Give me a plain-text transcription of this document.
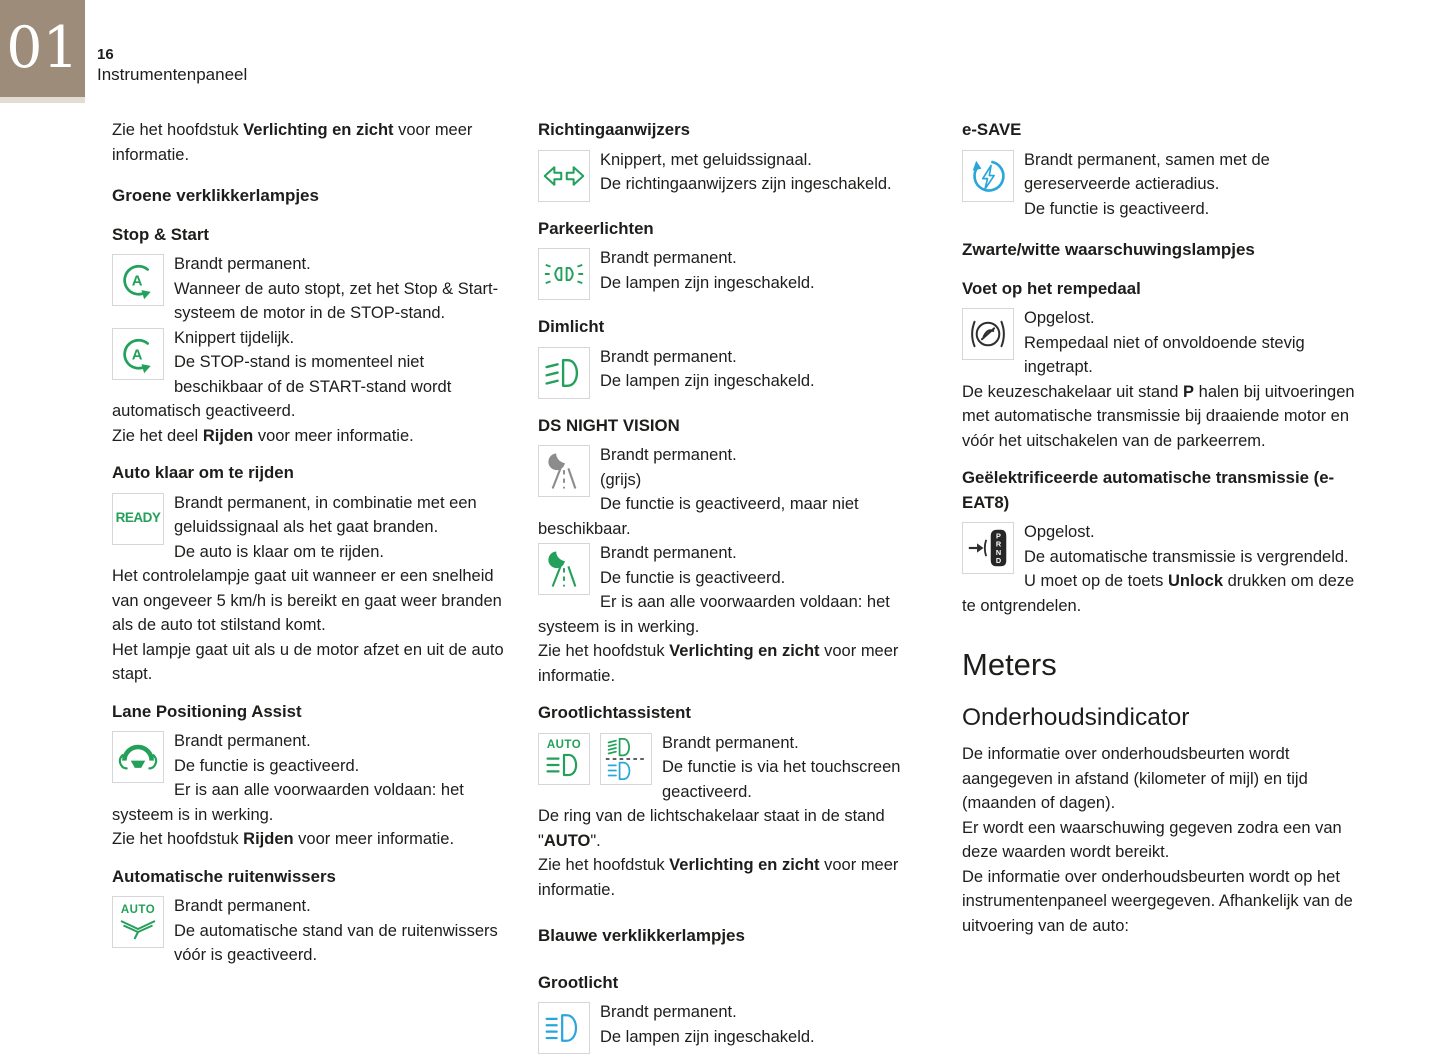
01 16
Instrumentenpaneel

Zie het hoofdstuk Verlichting en zicht voor meer informatie.

Groene verklikkerlampjes
Stop & Start
A
Brandt permanent.
Wanneer de auto stopt, zet het Stop & Start-systeem de motor in de STOP-stand.
A
Knippert tijdelijk.
De STOP-stand is momenteel niet beschikbaar of de START-stand wordt automatisch geactiveerd.
Zie het deel Rijden voor meer informatie.
Auto klaar om te rijden
READY
Brandt permanent, in combinatie met een geluidssignaal als het gaat branden.
De auto is klaar om te rijden.
Het controlelampje gaat uit wanneer er een snelheid van ongeveer 5 km/h is bereikt en gaat weer branden als de auto tot stilstand komt.
Het lampje gaat uit als u de motor afzet en uit de auto stapt.
Lane Positioning Assist
Brandt permanent.
De functie is geactiveerd.
Er is aan alle voorwaarden voldaan: het systeem is in werking.
Zie het hoofdstuk Rijden voor meer informatie.
Automatische ruitenwissers
AUTO	Brandt permanent.
De automatische stand van de ruitenwissers vóór is geactiveerd.
Richtingaanwijzers
Knippert, met geluidssignaal.
De richtingaanwijzers zijn ingeschakeld.
Parkeerlichten
Brandt permanent.
De lampen zijn ingeschakeld.
Dimlicht
Brandt permanent.
De lampen zijn ingeschakeld.
DS NIGHT VISION
Brandt permanent.
(grijs)
De functie is geactiveerd, maar niet beschikbaar.
Brandt permanent.
De functie is geactiveerd.
Er is aan alle voorwaarden voldaan: het systeem is in werking.
Zie het hoofdstuk Verlichting en zicht voor meer informatie.
Grootlichtassistent
AUTO	Brandt permanent.
De functie is via het touchscreen geactiveerd.
De ring van de lichtschakelaar staat in de stand "AUTO".
Zie het hoofdstuk Verlichting en zicht voor meer informatie.
Blauwe verklikkerlampjes
Grootlicht
Brandt permanent.
De lampen zijn ingeschakeld.
e-SAVE
Brandt permanent, samen met de gereserveerde actieradius.
De functie is geactiveerd.
Zwarte/witte waarschuwingslampjes
Voet op het rempedaal
Opgelost.
Rempedaal niet of onvoldoende stevig ingetrapt.
De keuzeschakelaar uit stand P halen bij uitvoeringen met automatische transmissie bij draaiende motor en vóór het uitschakelen van de parkeerrem.
Geëlektrificeerde automatische transmissie (e-EAT8)
P
R
N
D
Opgelost.
De automatische transmissie is vergrendeld.
U moet op de toets Unlock drukken om deze te ontgrendelen.
Meters
Onderhoudsindicator

De informatie over onderhoudsbeurten wordt aangegeven in afstand (kilometer of mijl) en tijd (maanden of dagen).

Er wordt een waarschuwing gegeven zodra een van deze waarden wordt bereikt.

De informatie over onderhoudsbeurten wordt op het instrumentenpaneel weergegeven. Afhankelijk van de uitvoering van de auto:
